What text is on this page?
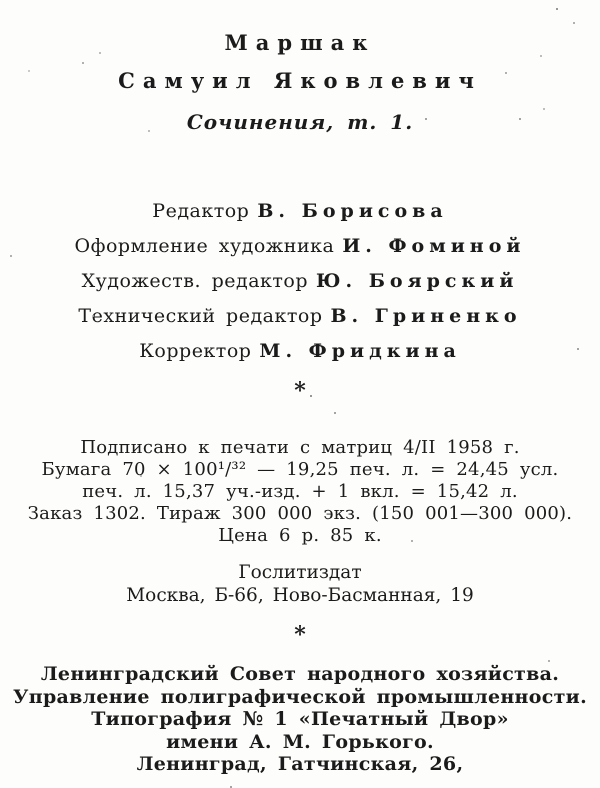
Маршак
Самуил Яковлевич
Сочинения, т. 1.
Редактор В. Борисова
Оформление художника И. Фоминой
Художеств. редактор Ю. Боярский
Технический редактор В. Гриненко
Корректор М. Фридкина
*
Подписано к печати с матриц 4/II 1958 г.
Бумага 70 × 100¹/³² — 19,25 печ. л. = 24,45 усл.
печ. л. 15,37 уч.-изд. + 1 вкл. = 15,42 л.
Заказ 1302. Тираж 300 000 экз. (150 001—300 000).
Цена 6 р. 85 к.
Гослитиздат
Москва, Б-66, Ново-Басманная, 19
*
Ленинградский Совет народного хозяйства.
Управление полиграфической промышленности.
Типография № 1 «Печатный Двор»
имени А. М. Горького.
Ленинград, Гатчинская, 26,
